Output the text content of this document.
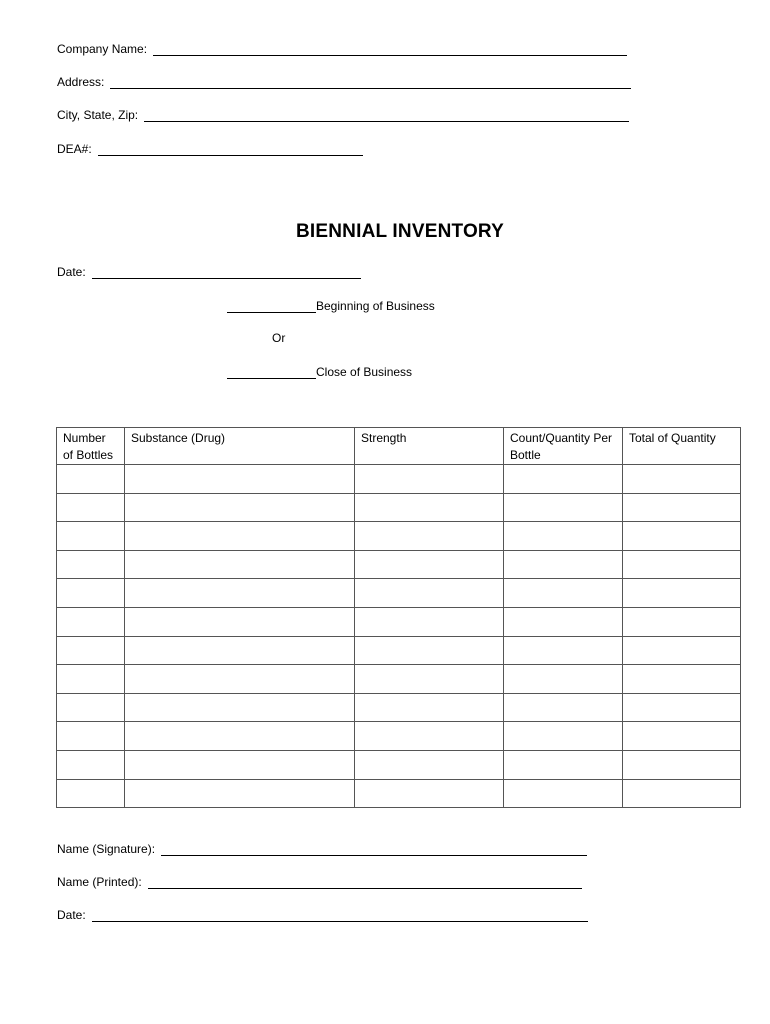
Company Name:
Address:
City, State, Zip:
DEA#:
BIENNIAL INVENTORY
Date:
Beginning of Business
Or
Close of Business
Number of Bottles	Substance (Drug)	Strength	Count/Quantity Per Bottle	Total of Quantity

Name (Signature):
Name (Printed):
Date:
